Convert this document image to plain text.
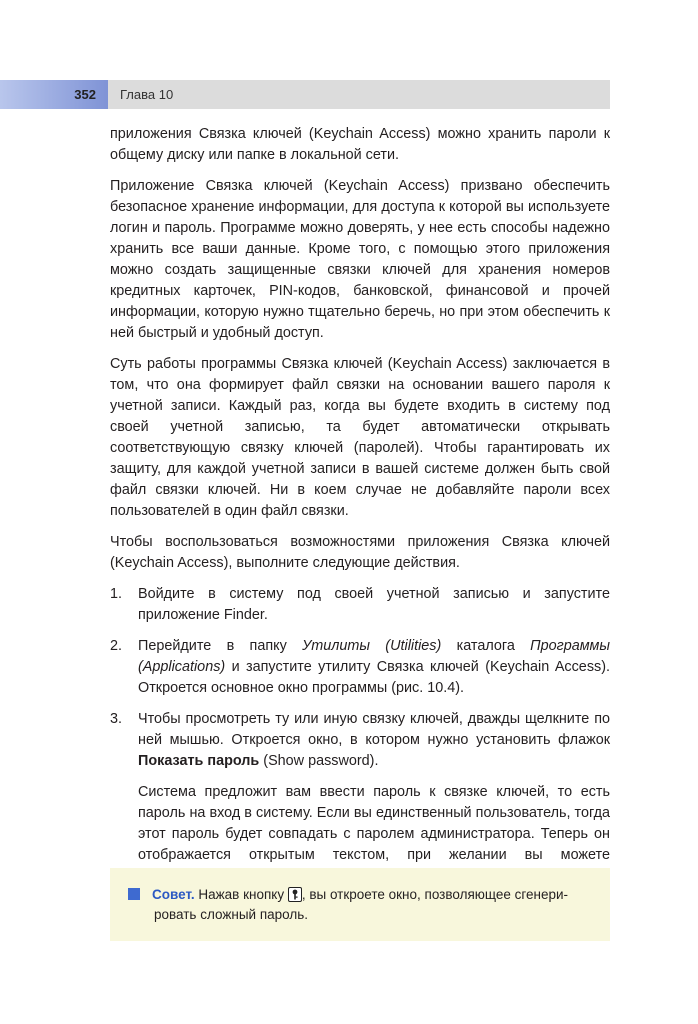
352	Глава 10

приложения Связка ключей (Keychain Access) можно хранить пароли к общему диску или папке в локальной сети.

Приложение Связка ключей (Keychain Access) призвано обеспечить безопасное хранение информации, для доступа к которой вы используете логин и пароль. Программе можно доверять, у нее есть способы надежно хранить все ваши данные. Кроме того, с помощью этого приложения можно создать защищенные связки ключей для хранения номеров кредитных карточек, PIN-кодов, банковской, финансовой и прочей информации, которую нужно тщательно беречь, но при этом обеспечить к ней быстрый и удобный доступ.

Суть работы программы Связка ключей (Keychain Access) заключается в том, что она формирует файл связки на основании вашего пароля к учетной записи. Каждый раз, когда вы будете входить в систему под своей учетной записью, та будет автоматически открывать соответствующую связку ключей (паролей). Чтобы гарантировать их защиту, для каждой учетной записи в вашей системе должен быть свой файл связки ключей. Ни в коем случае не добавляйте пароли всех пользователей в один файл связки.

Чтобы воспользоваться возможностями приложения Связка ключей (Keychain Access), выполните следующие действия.

1. Войдите в систему под своей учетной записью и запустите приложение Finder.
2. Перейдите в папку Утилиты (Utilities) каталога Программы (Applications) и запустите утилиту Связка ключей (Keychain Access). Откроется основное окно программы (рис. 10.4).
3. Чтобы просмотреть ту или иную связку ключей, дважды щелкните по ней мышью. Откроется окно, в котором нужно установить флажок Показать пароль (Show password).

Система предложит вам ввести пароль к связке ключей, то есть пароль на вход в систему. Если вы единственный пользователь, тогда этот пароль будет совпадать с паролем администратора. Теперь он отображается открытым текстом, при желании вы можете

Совет. Нажав кнопку
, вы откроете окно, позволяющее сгенери-
ровать сложный пароль.
